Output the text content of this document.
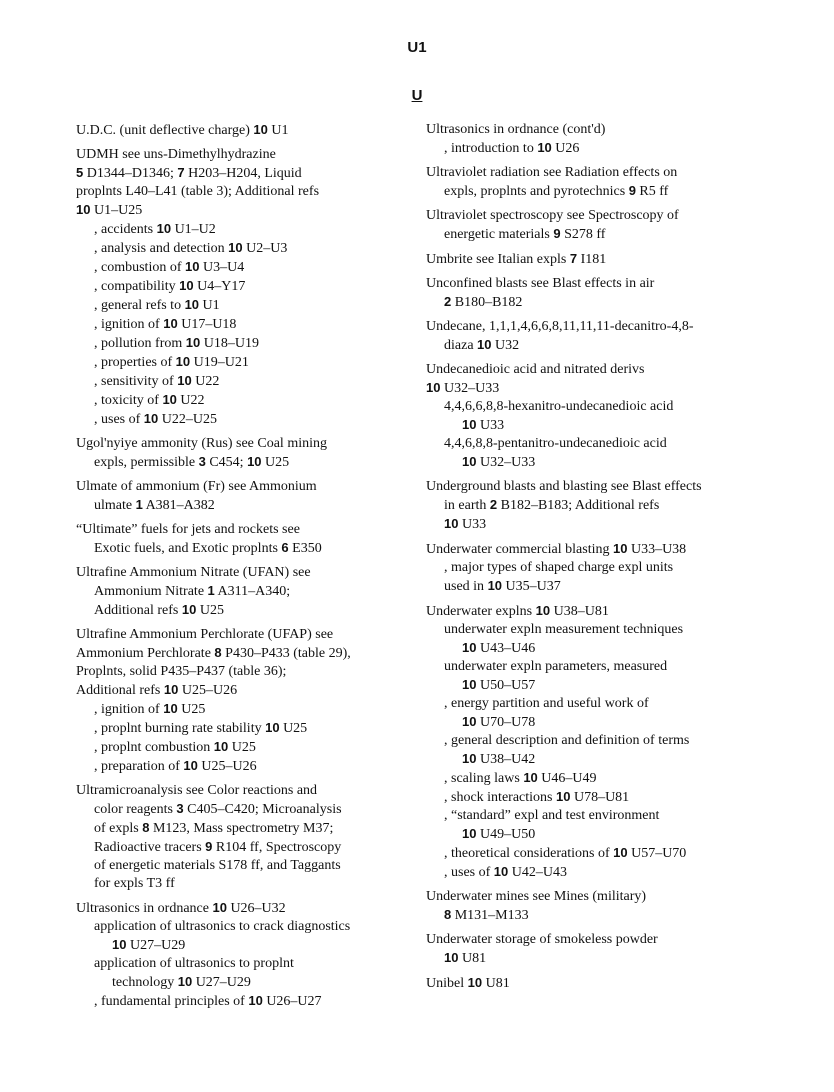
U1
U
U.D.C. (unit deflective charge) 10 U1
UDMH see uns-Dimethylhydrazine
5 D1344–D1346; 7 H203–H204, Liquid
proplnts L40–L41 (table 3); Additional refs
10 U1–U25
, accidents 10 U1–U2
, analysis and detection 10 U2–U3
, combustion of 10 U3–U4
, compatibility 10 U4–Y17
, general refs to 10 U1
, ignition of 10 U17–U18
, pollution from 10 U18–U19
, properties of 10 U19–U21
, sensitivity of 10 U22
, toxicity of 10 U22
, uses of 10 U22–U25
Ugol'nyiye ammonity (Rus) see Coal mining
expls, permissible 3 C454; 10 U25
Ulmate of ammonium (Fr) see Ammonium
ulmate 1 A381–A382
“Ultimate” fuels for jets and rockets see
Exotic fuels, and Exotic proplnts 6 E350
Ultrafine Ammonium Nitrate (UFAN) see
Ammonium Nitrate 1 A311–A340;
Additional refs 10 U25
Ultrafine Ammonium Perchlorate (UFAP) see
Ammonium Perchlorate 8 P430–P433 (table 29),
Proplnts, solid P435–P437 (table 36);
Additional refs 10 U25–U26
, ignition of 10 U25
, proplnt burning rate stability 10 U25
, proplnt combustion 10 U25
, preparation of 10 U25–U26
Ultramicroanalysis see Color reactions and
color reagents 3 C405–C420; Microanalysis
of expls 8 M123, Mass spectrometry M37;
Radioactive tracers 9 R104 ff, Spectroscopy
of energetic materials S178 ff, and Taggants
for expls T3 ff
Ultrasonics in ordnance 10 U26–U32
application of ultrasonics to crack diagnostics
10 U27–U29
application of ultrasonics to proplnt
technology 10 U27–U29
, fundamental principles of 10 U26–U27
Ultrasonics in ordnance (cont'd)
, introduction to 10 U26
Ultraviolet radiation see Radiation effects on
expls, proplnts and pyrotechnics 9 R5 ff
Ultraviolet spectroscopy see Spectroscopy of
energetic materials 9 S278 ff
Umbrite see Italian expls 7 I181
Unconfined blasts see Blast effects in air
2 B180–B182
Undecane, 1,1,1,4,6,6,8,11,11,11-decanitro-4,8-
diaza 10 U32
Undecanedioic acid and nitrated derivs
10 U32–U33
4,4,6,6,8,8-hexanitro-undecanedioic acid
10 U33
4,4,6,8,8-pentanitro-undecanedioic acid
10 U32–U33
Underground blasts and blasting see Blast effects
in earth 2 B182–B183; Additional refs
10 U33
Underwater commercial blasting 10 U33–U38
, major types of shaped charge expl units
used in 10 U35–U37
Underwater explns 10 U38–U81
underwater expln measurement techniques
10 U43–U46
underwater expln parameters, measured
10 U50–U57
, energy partition and useful work of
10 U70–U78
, general description and definition of terms
10 U38–U42
, scaling laws 10 U46–U49
, shock interactions 10 U78–U81
, “standard” expl and test environment
10 U49–U50
, theoretical considerations of 10 U57–U70
, uses of 10 U42–U43
Underwater mines see Mines (military)
8 M131–M133
Underwater storage of smokeless powder
10 U81
Unibel 10 U81
